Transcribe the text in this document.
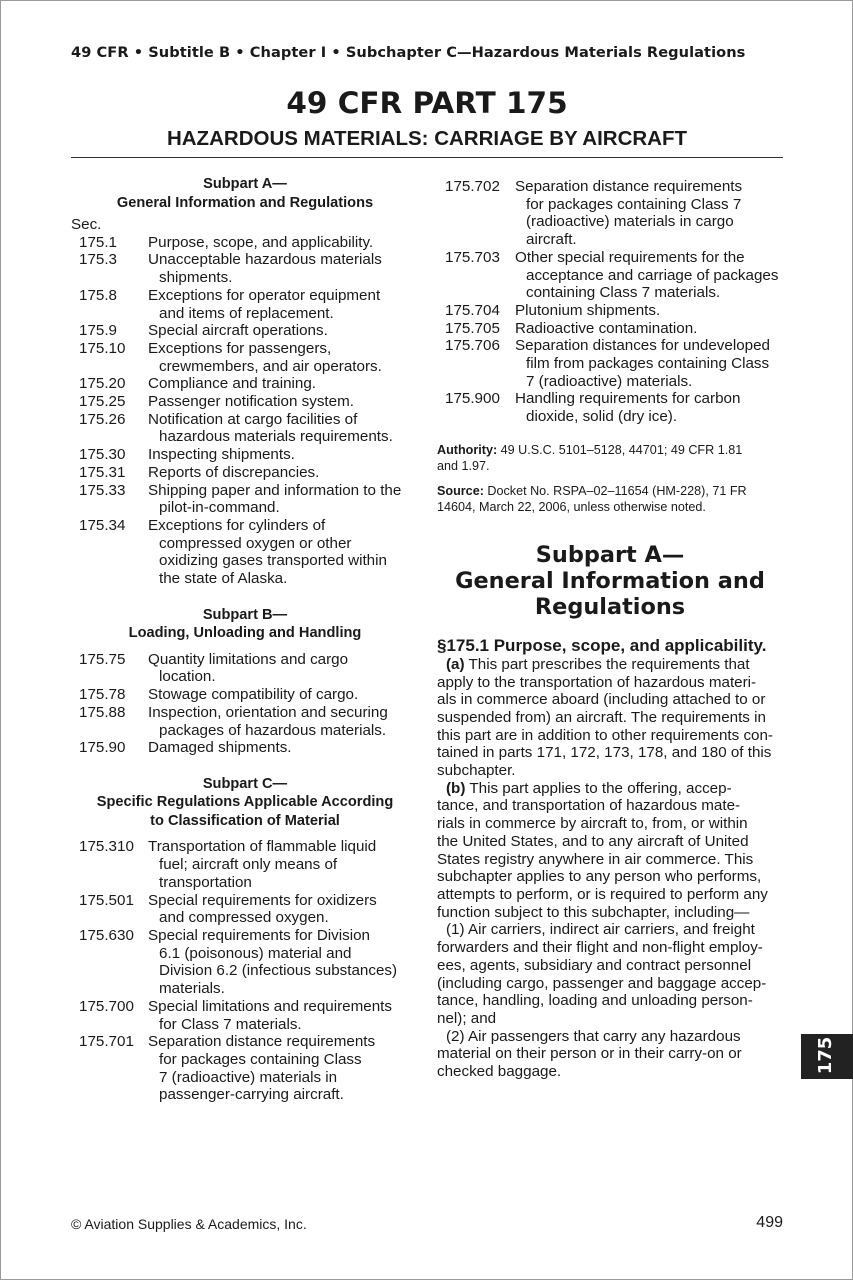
49 CFR • Subtitle B • Chapter I • Subchapter C—Hazardous Materials Regulations
49 CFR PART 175
HAZARDOUS MATERIALS: CARRIAGE BY AIRCRAFT
Subpart A—
General Information and Regulations
Sec.
175.1	Purpose, scope, and applicability.
175.3	Unacceptable hazardous materials
shipments.
175.8	Exceptions for operator equipment
and items of replacement.
175.9	Special aircraft operations.
175.10	Exceptions for passengers,
crewmembers, and air operators.
175.20	Compliance and training.
175.25	Passenger notification system.
175.26	Notification at cargo facilities of
hazardous materials requirements.
175.30	Inspecting shipments.
175.31	Reports of discrepancies.
175.33	Shipping paper and information to the
pilot-in-command.
175.34	Exceptions for cylinders of
compressed oxygen or other
oxidizing gases transported within
the state of Alaska.
Subpart B—
Loading, Unloading and Handling
175.75	Quantity limitations and cargo
location.
175.78	Stowage compatibility of cargo.
175.88	Inspection, orientation and securing
packages of hazardous materials.
175.90	Damaged shipments.
Subpart C—
Specific Regulations Applicable According
to Classification of Material
175.310 Transportation of flammable liquid
fuel; aircraft only means of
transportation
175.501 Special requirements for oxidizers
and compressed oxygen.
175.630 Special requirements for Division
6.1 (poisonous) material and
Division 6.2 (infectious substances)
materials.
175.700 Special limitations and requirements
for Class 7 materials.
175.701 Separation distance requirements
for packages containing Class
7 (radioactive) materials in
passenger-carrying aircraft.
175.702 Separation distance requirements
for packages containing Class 7
(radioactive) materials in cargo
aircraft.
175.703 Other special requirements for the
acceptance and carriage of packages
containing Class 7 materials.
175.704 Plutonium shipments.
175.705 Radioactive contamination.
175.706 Separation distances for undeveloped
film from packages containing Class
7 (radioactive) materials.
175.900 Handling requirements for carbon
dioxide, solid (dry ice).
Authority: 49 U.S.C. 5101–5128, 44701; 49 CFR 1.81
and 1.97.
Source: Docket No. RSPA–02–11654 (HM-228), 71 FR
14604, March 22, 2006, unless otherwise noted.
Subpart A—
General Information and
Regulations
§175.1 Purpose, scope, and applicability.
(a) This part prescribes the requirements that
apply to the transportation of hazardous materi-
als in commerce aboard (including attached to or
suspended from) an aircraft. The requirements in
this part are in addition to other requirements con-
tained in parts 171, 172, 173, 178, and 180 of this
subchapter.
(b) This part applies to the offering, accep-
tance, and transportation of hazardous mate-
rials in commerce by aircraft to, from, or within
the United States, and to any aircraft of United
States registry anywhere in air commerce. This
subchapter applies to any person who performs,
attempts to perform, or is required to perform any
function subject to this subchapter, including—
(1) Air carriers, indirect air carriers, and freight
forwarders and their flight and non-flight employ-
ees, agents, subsidiary and contract personnel
(including cargo, passenger and baggage accep-
tance, handling, loading and unloading person-
nel); and
(2) Air passengers that carry any hazardous
material on their person or in their carry-on or
checked baggage.	175
© Aviation Supplies & Academics, Inc.	499
